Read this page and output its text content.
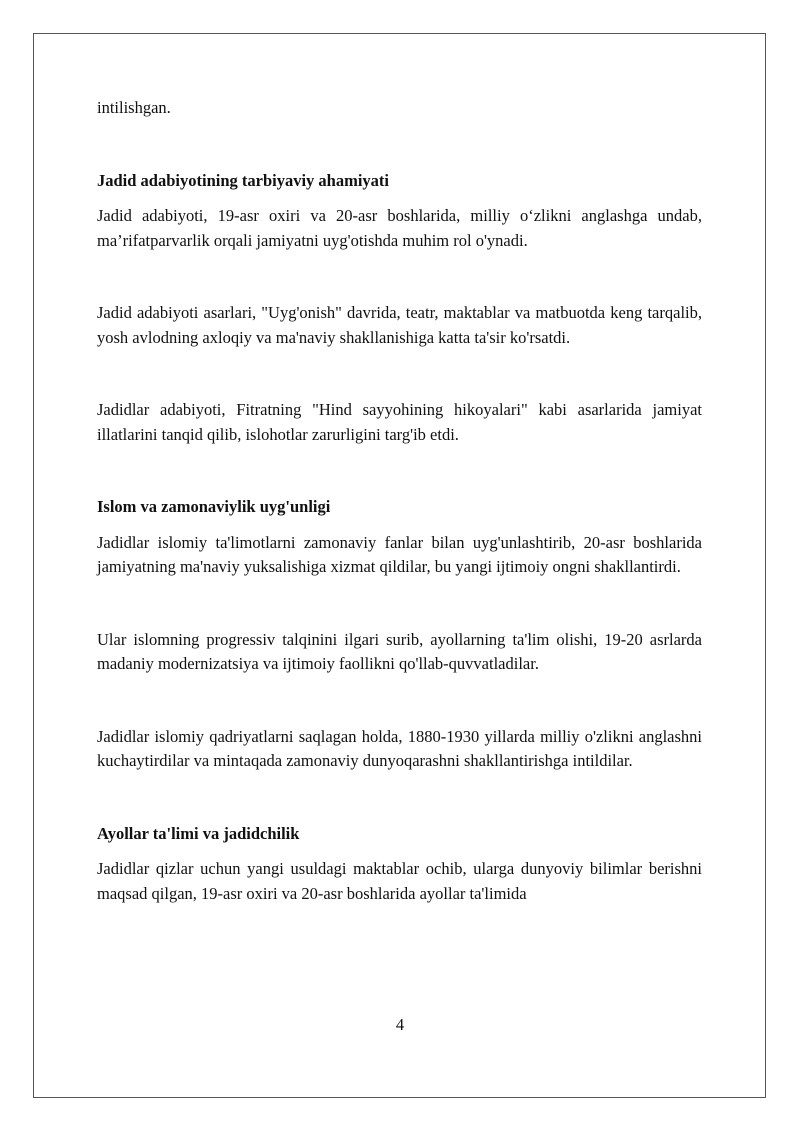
intilishgan.

Jadid adabiyotining tarbiyaviy ahamiyati

Jadid adabiyoti, 19-asr oxiri va 20-asr boshlarida, milliy o‘zlikni anglashga undab, ma’rifatparvarlik orqali jamiyatni uyg'otishda muhim rol o'ynadi.

Jadid adabiyoti asarlari, "Uyg'onish" davrida, teatr, maktablar va matbuotda keng tarqalib, yosh avlodning axloqiy va ma'naviy shakllanishiga katta ta'sir ko'rsatdi.

Jadidlar adabiyoti, Fitratning "Hind sayyohining hikoyalari" kabi asarlarida jamiyat illatlarini tanqid qilib, islohotlar zarurligini targ'ib etdi.

Islom va zamonaviylik uyg'unligi

Jadidlar islomiy ta'limotlarni zamonaviy fanlar bilan uyg'unlashtirib, 20-asr boshlarida jamiyatning ma'naviy yuksalishiga xizmat qildilar, bu yangi ijtimoiy ongni shakllantirdi.

Ular islomning progressiv talqinini ilgari surib, ayollarning ta'lim olishi, 19-20 asrlarda madaniy modernizatsiya va ijtimoiy faollikni qo'llab-quvvatladilar.

Jadidlar islomiy qadriyatlarni saqlagan holda, 1880-1930 yillarda milliy o'zlikni anglashni kuchaytirdilar va mintaqada zamonaviy dunyoqarashni shakllantirishga intildilar.

Ayollar ta'limi va jadidchilik

Jadidlar qizlar uchun yangi usuldagi maktablar ochib, ularga dunyoviy bilimlar berishni maqsad qilgan, 19-asr oxiri va 20-asr boshlarida ayollar ta'limida

4
